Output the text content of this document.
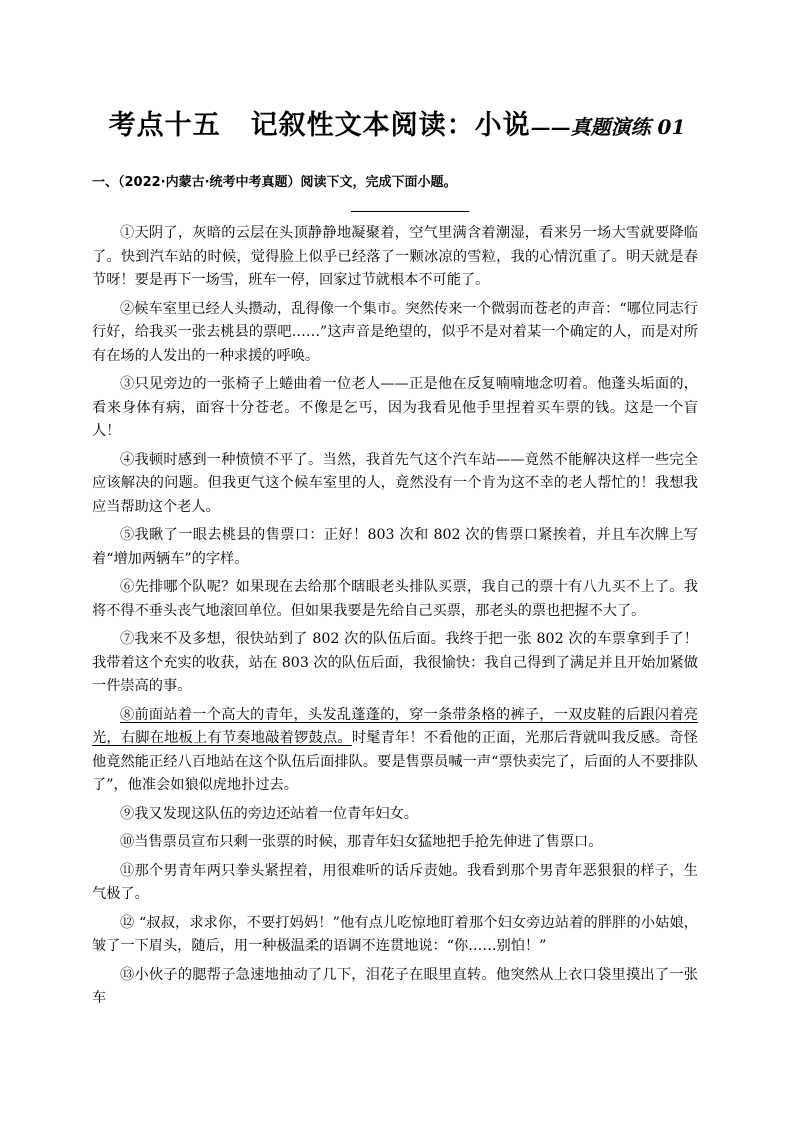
考点十五 记叙性文本阅读：小说——真题演练 01
一、（2022·内蒙古·统考中考真题）阅读下文，完成下面小题。

①天阴了，灰暗的云层在头顶静静地凝聚着，空气里满含着潮湿，看来另一场大雪就要降临了。快到汽车站的时候，觉得脸上似乎已经落了一颗冰凉的雪粒，我的心情沉重了。明天就是春节呀！要是再下一场雪，班车一停，回家过节就根本不可能了。

②候车室里已经人头攒动，乱得像一个集市。突然传来一个微弱而苍老的声音：“哪位同志行行好，给我买一张去桃县的票吧……”这声音是绝望的，似乎不是对着某一个确定的人，而是对所有在场的人发出的一种求援的呼唤。

③只见旁边的一张椅子上蜷曲着一位老人——正是他在反复喃喃地念叨着。他蓬头垢面的，看来身体有病，面容十分苍老。不像是乞丐，因为我看见他手里捏着买车票的钱。这是一个盲人！

④我顿时感到一种愤愤不平了。当然，我首先气这个汽车站——竟然不能解决这样一些完全应该解决的问题。但我更气这个候车室里的人，竟然没有一个肯为这不幸的老人帮忙的！我想我应当帮助这个老人。

⑤我瞅了一眼去桃县的售票口：正好！803 次和 802 次的售票口紧挨着，并且车次牌上写着“增加两辆车”的字样。

⑥先排哪个队呢？如果现在去给那个瞎眼老头排队买票，我自己的票十有八九买不上了。我将不得不垂头丧气地滚回单位。但如果我要是先给自己买票，那老头的票也把握不大了。

⑦我来不及多想，很快站到了 802 次的队伍后面。我终于把一张 802 次的车票拿到手了！我带着这个充实的收获，站在 803 次的队伍后面，我很愉快：我自己得到了满足并且开始加紧做一件崇高的事。

⑧前面站着一个高大的青年，头发乱蓬蓬的，穿一条带条格的裤子，一双皮鞋的后跟闪着亮光，右脚在地板上有节奏地敲着锣鼓点。时髦青年！不看他的正面，光那后背就叫我反感。奇怪他竟然能正经八百地站在这个队伍后面排队。要是售票员喊一声“票快卖完了，后面的人不要排队了”，他准会如狼似虎地扑过去。

⑨我又发现这队伍的旁边还站着一位青年妇女。

⑩当售票员宣布只剩一张票的时候，那青年妇女猛地把手抢先伸进了售票口。

⑪那个男青年两只拳头紧捏着，用很难听的话斥责她。我看到那个男青年恶狠狠的样子，生气极了。

⑫ “叔叔，求求你，不要打妈妈！”他有点儿吃惊地盯着那个妇女旁边站着的胖胖的小姑娘，皱了一下眉头，随后，用一种极温柔的语调不连贯地说：“你……别怕！”

⑬小伙子的腮帮子急速地抽动了几下，泪花子在眼里直转。他突然从上衣口袋里摸出了一张车
